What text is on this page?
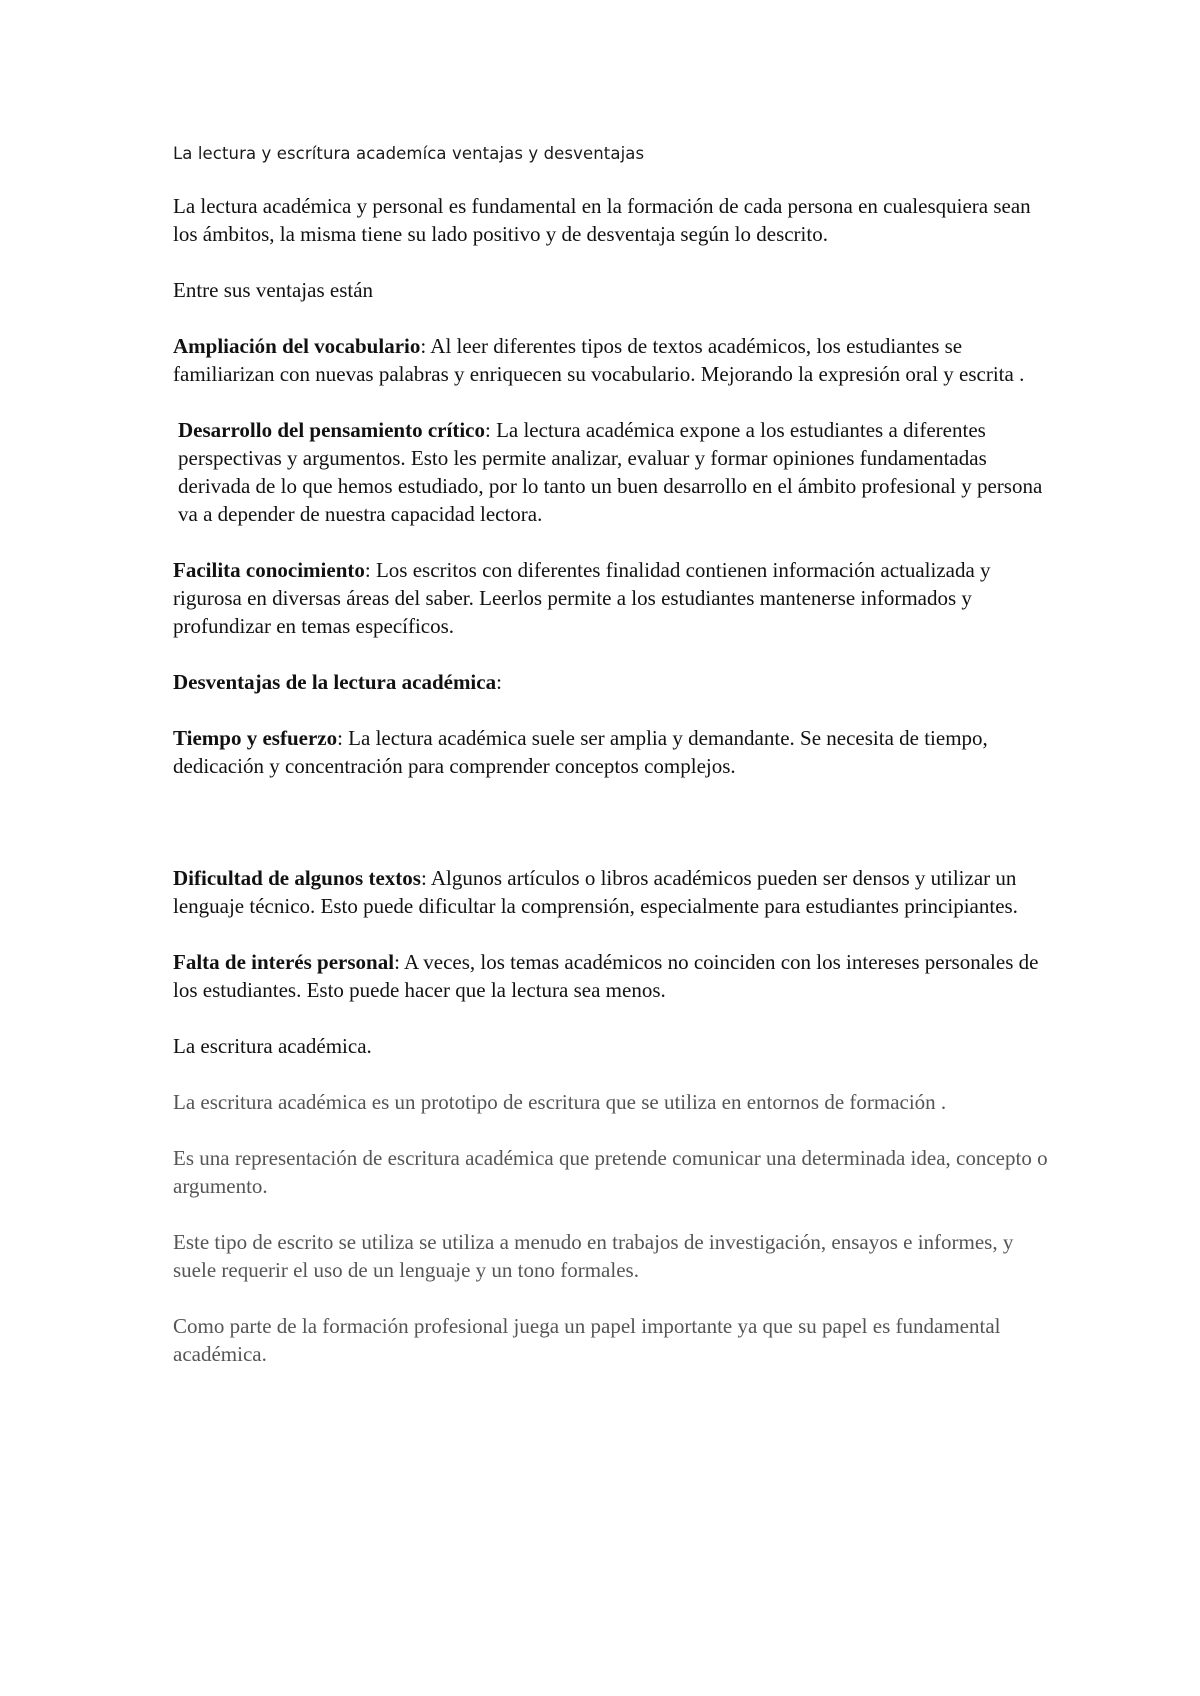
La lectura y escrítura academíca ventajas y desventajas

La lectura académica y personal es fundamental en la formación de cada persona en cualesquiera sean los ámbitos, la misma tiene su lado positivo y de desventaja según lo descrito.

Entre sus ventajas están

Ampliación del vocabulario: Al leer diferentes tipos de textos académicos, los estudiantes se familiarizan con nuevas palabras y enriquecen su vocabulario. Mejorando la expresión oral y escrita .

Desarrollo del pensamiento crítico: La lectura académica expone a los estudiantes a diferentes perspectivas y argumentos. Esto les permite analizar, evaluar y formar opiniones fundamentadas derivada de lo que hemos estudiado, por lo tanto un buen desarrollo en el ámbito profesional y persona va a depender de nuestra capacidad lectora.

Facilita conocimiento: Los escritos con diferentes finalidad contienen información actualizada y rigurosa en diversas áreas del saber. Leerlos permite a los estudiantes mantenerse informados y profundizar en temas específicos.

Desventajas de la lectura académica:

Tiempo y esfuerzo: La lectura académica suele ser amplia y demandante. Se necesita de tiempo, dedicación y concentración para comprender conceptos complejos.

Dificultad de algunos textos: Algunos artículos o libros académicos pueden ser densos y utilizar un lenguaje técnico. Esto puede dificultar la comprensión, especialmente para estudiantes principiantes.

Falta de interés personal: A veces, los temas académicos no coinciden con los intereses personales de los estudiantes. Esto puede hacer que la lectura sea menos.

La escritura académica.

La escritura académica es un prototipo de escritura que se utiliza en entornos de formación .

Es una representación de escritura académica que pretende comunicar una determinada idea, concepto o argumento.

Este tipo de escrito se utiliza se utiliza a menudo en trabajos de investigación, ensayos e informes, y suele requerir el uso de un lenguaje y un tono formales.

Como parte de la formación profesional juega un papel importante ya que su papel es fundamental académica.
